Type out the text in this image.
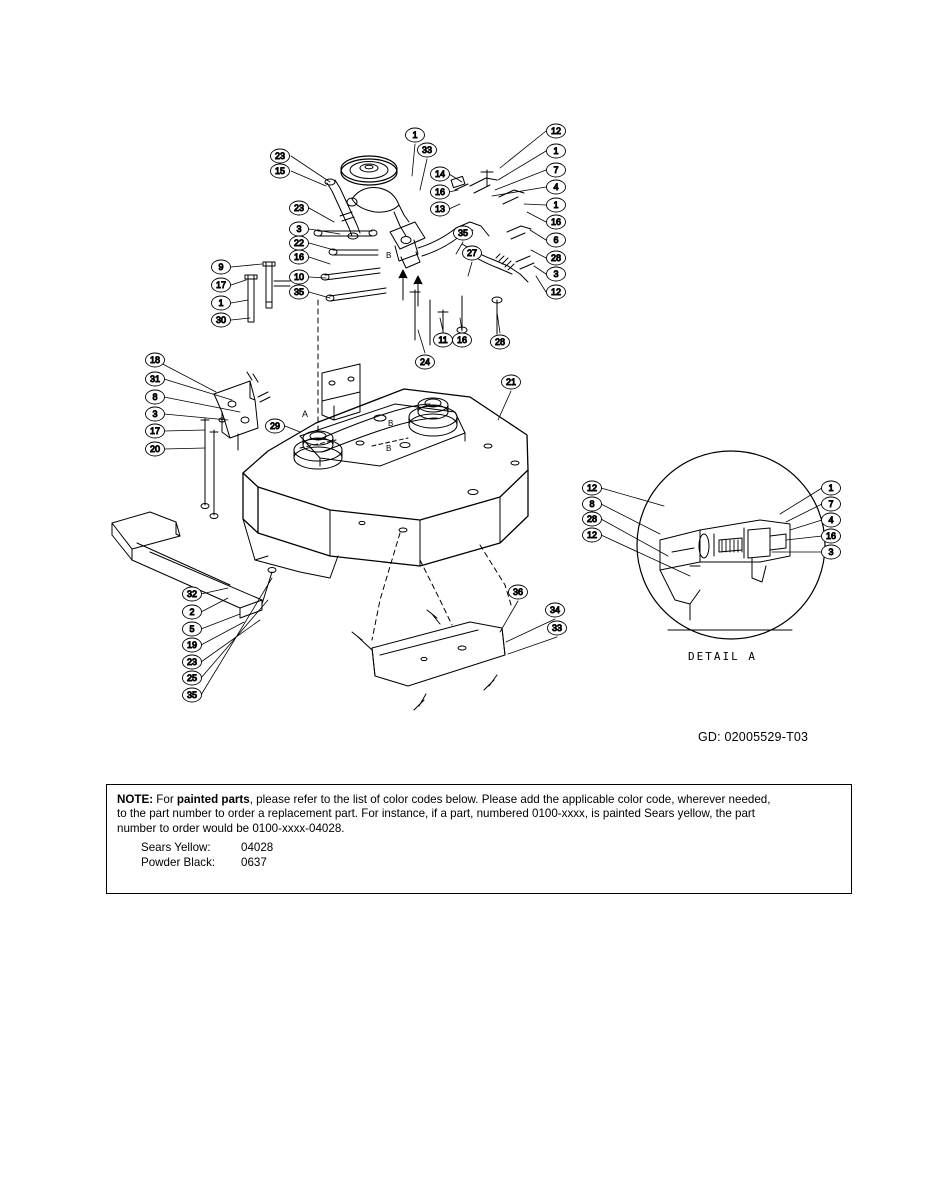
23
15
1
33
12
1
7
4
14
16
13	1
16
6
23
3
22
16
10
35
35
27	28
3
12
9
17
1
30
24
11 16	28
18
31
8
3
17
20
29
21
32
2
5
19
23
25
35
36
34
33
12
8
28
12
1
7
4
16
3
A
B
B
B
DETAIL A
GD: 02005529-T03
NOTE: For painted parts, please refer to the list of color codes below. Please add the applicable color code, wherever needed,
to the part number to order a replacement part. For instance, if a part, numbered 0100-xxxx, is painted Sears yellow, the part
number to order would be 0100-xxxx-04028.
Sears Yellow:	04028
Powder Black:	0637
